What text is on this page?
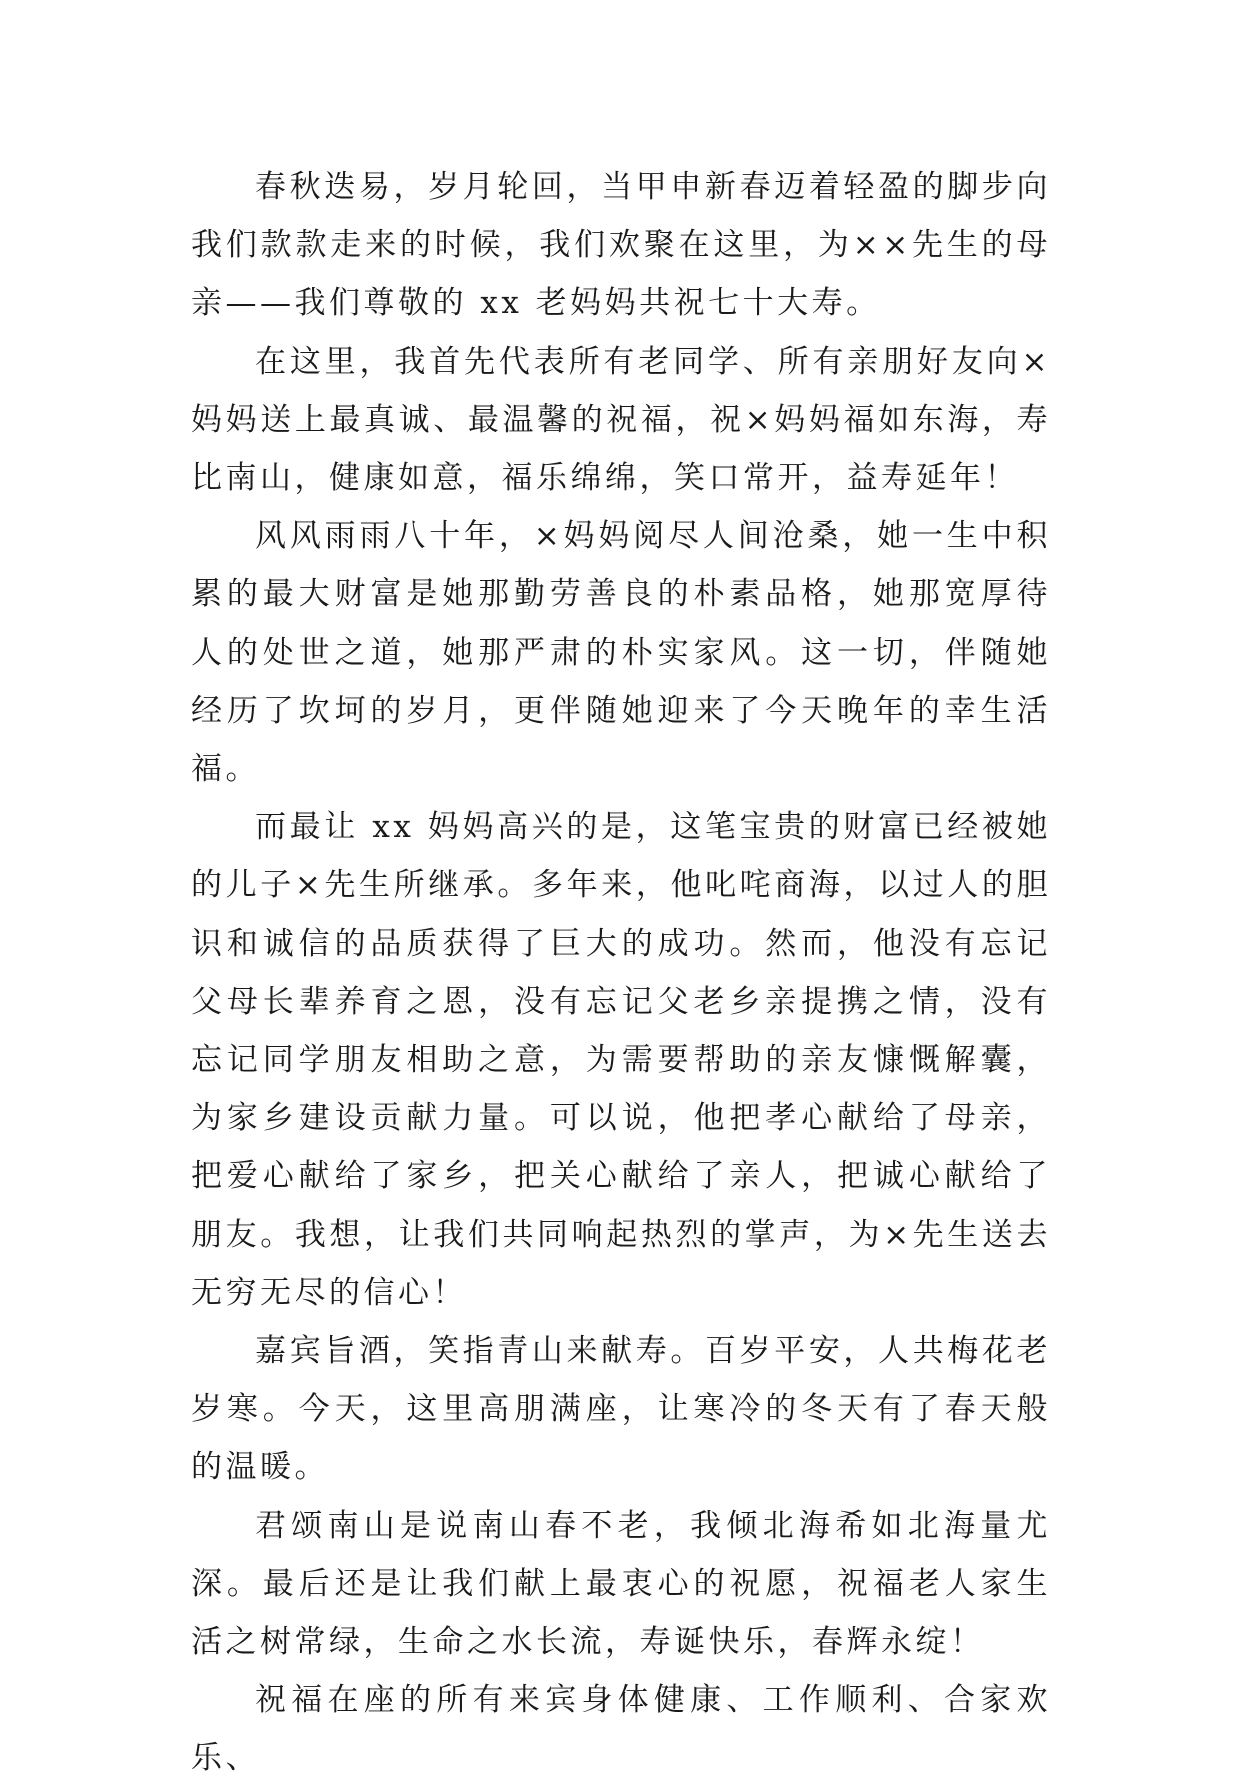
春秋迭易，岁月轮回，当甲申新春迈着轻盈的脚步向我们款款走来的时候，我们欢聚在这里，为××先生的母亲——我们尊敬的 xx 老妈妈共祝七十大寿。

在这里，我首先代表所有老同学、所有亲朋好友向×妈妈送上最真诚、最温馨的祝福，祝×妈妈福如东海，寿比南山，健康如意，福乐绵绵，笑口常开，益寿延年！

风风雨雨八十年，×妈妈阅尽人间沧桑，她一生中积累的最大财富是她那勤劳善良的朴素品格，她那宽厚待人的处世之道，她那严肃的朴实家风。这一切，伴随她经历了坎坷的岁月，更伴随她迎来了今天晚年的幸生活福。

而最让 xx 妈妈高兴的是，这笔宝贵的财富已经被她的儿子×先生所继承。多年来，他叱咤商海，以过人的胆识和诚信的品质获得了巨大的成功。然而，他没有忘记父母长辈养育之恩，没有忘记父老乡亲提携之情，没有忘记同学朋友相助之意，为需要帮助的亲友慷慨解囊，为家乡建设贡献力量。可以说，他把孝心献给了母亲，把爱心献给了家乡，把关心献给了亲人，把诚心献给了朋友。我想，让我们共同响起热烈的掌声，为×先生送去无穷无尽的信心！

嘉宾旨酒，笑指青山来献寿。百岁平安，人共梅花老岁寒。今天，这里高朋满座，让寒冷的冬天有了春天般的温暖。

君颂南山是说南山春不老，我倾北海希如北海量尤深。最后还是让我们献上最衷心的祝愿，祝福老人家生活之树常绿，生命之水长流，寿诞快乐，春辉永绽！

祝福在座的所有来宾身体健康、工作顺利、合家欢乐、
